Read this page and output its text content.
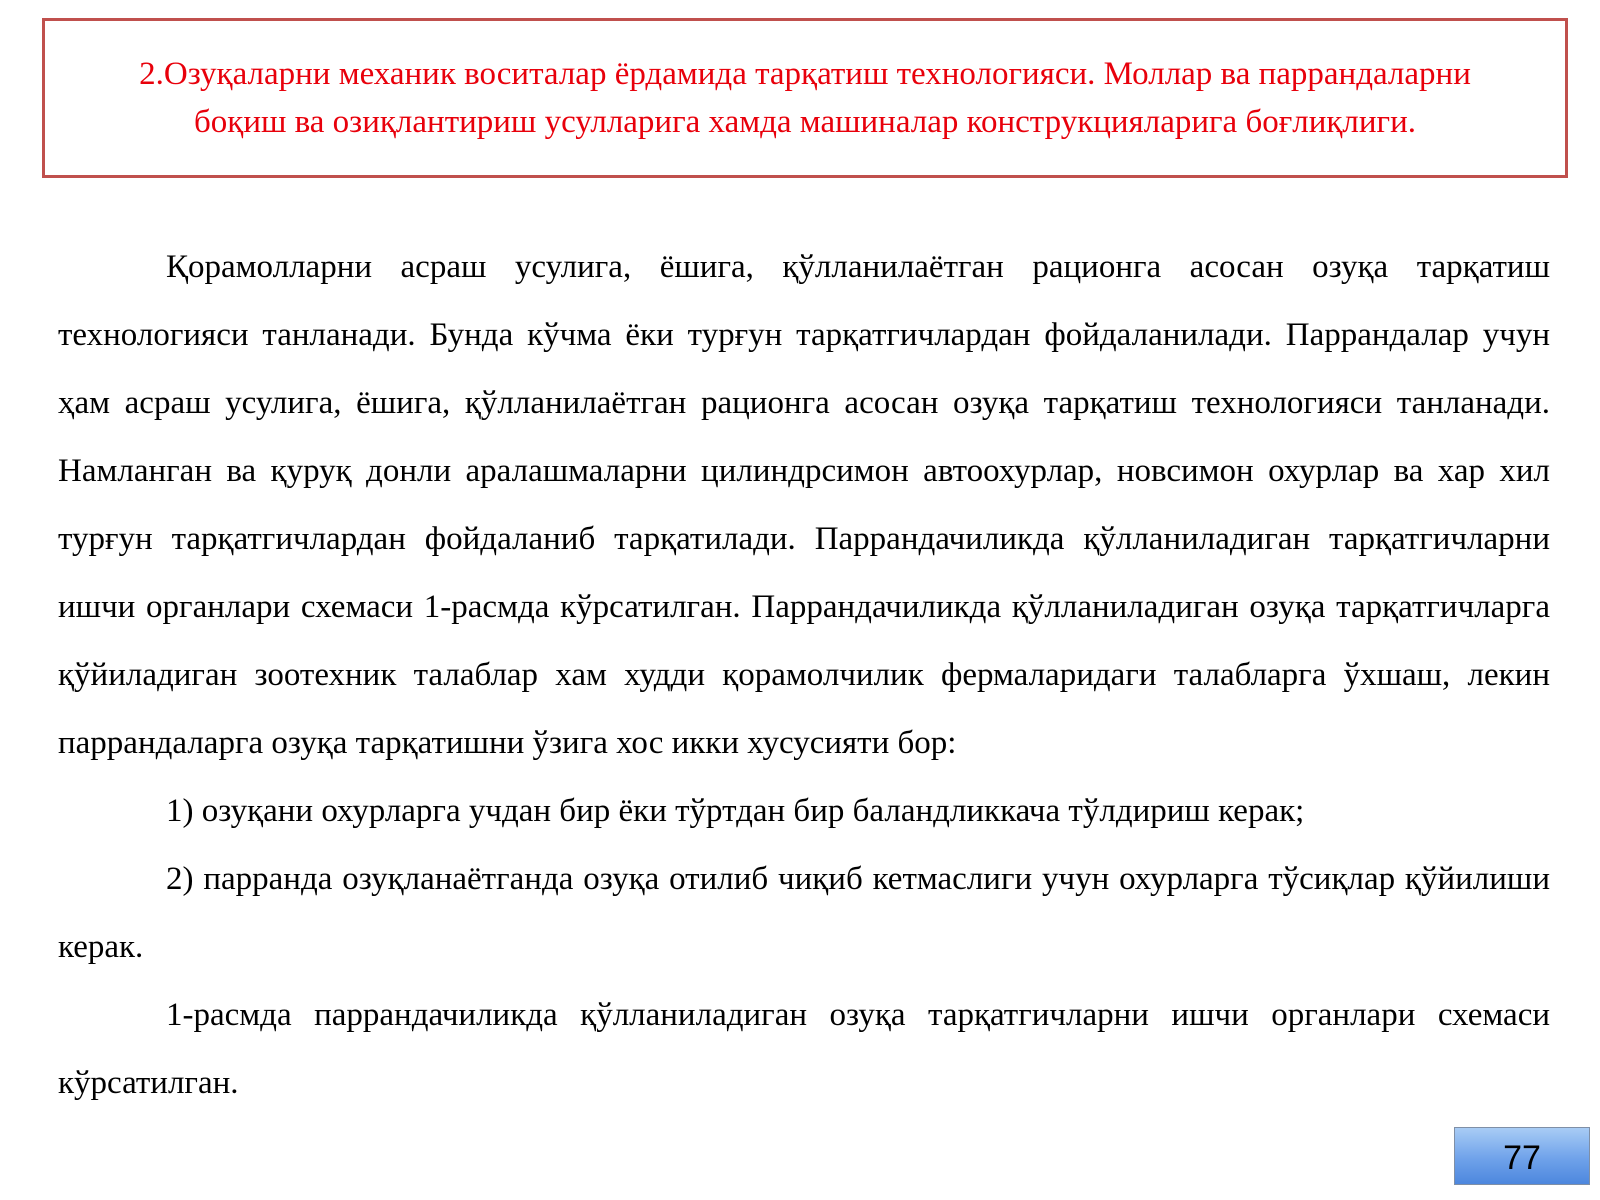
2.Озуқаларни механик воситалар ёрдамида тарқатиш технологияси. Моллар ва паррандаларни боқиш ва озиқлантириш усулларига хамда машиналар конструкцияларига боғлиқлиги.

Қорамолларни асраш усулига, ёшига, қўлланилаётган рационга асосан озуқа тарқатиш технологияси танланади. Бунда кўчма ёки турғун тарқатгичлардан фойдаланилади. Паррандалар учун ҳам асраш усулига, ёшига, қўлланилаётган рационга асосан озуқа тарқатиш технологияси танланади. Намланган ва қуруқ донли аралашмаларни цилиндрсимон автоохурлар, новсимон охурлар ва хар хил турғун тарқатгичлардан фойдаланиб тарқатилади. Паррандачиликда қўлланиладиган тарқатгичларни ишчи органлари схемаси 1-расмда кўрсатилган. Паррандачиликда қўлланиладиган озуқа тарқатгичларга қўйиладиган зоотехник талаблар хам худди қорамолчилик фермаларидаги талабларга ўхшаш, лекин паррандаларга озуқа тарқатишни ўзига хос икки хусусияти бор:

1) озуқани охурларга учдан бир ёки тўртдан бир баландликкача тўлдириш керак;

2) парранда озуқланаётганда озуқа отилиб чиқиб кетмаслиги учун охурларга тўсиқлар қўйилиши керак.

1-расмда паррандачиликда қўлланиладиган озуқа тарқатгичларни ишчи органлари схемаси кўрсатилган.

77
